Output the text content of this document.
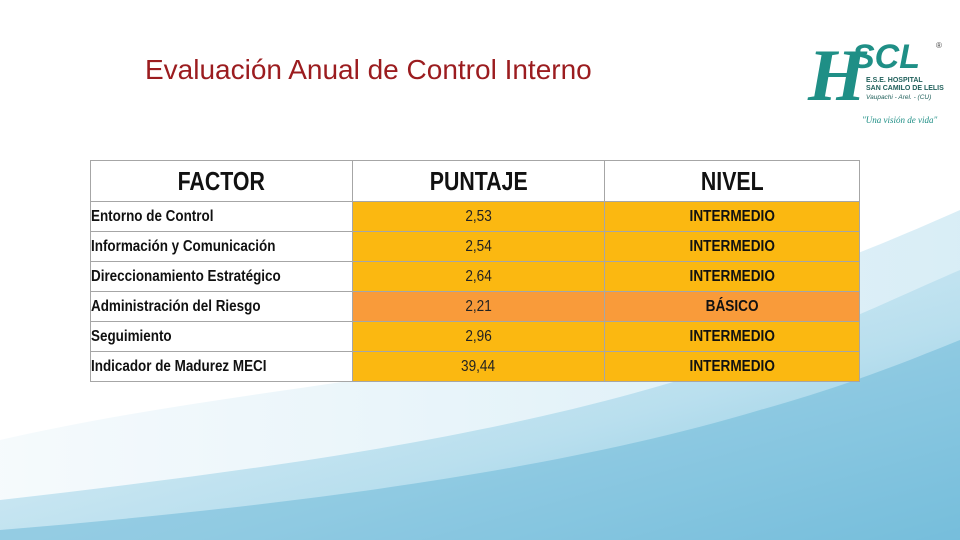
Evaluación Anual de Control Interno	H
SCL ®
E.S.E. HOSPITAL
SAN CAMILO DE LELIS
Vaupachi - Arel. - (CU)
"Una visión de vida"
FACTOR	PUNTAJE	NIVEL
Entorno de Control	2,53	INTERMEDIO
Información y Comunicación	2,54	INTERMEDIO
Direccionamiento Estratégico	2,64	INTERMEDIO
Administración del Riesgo	2,21	BÁSICO
Seguimiento	2,96	INTERMEDIO
Indicador de Madurez MECI	39,44	INTERMEDIO
